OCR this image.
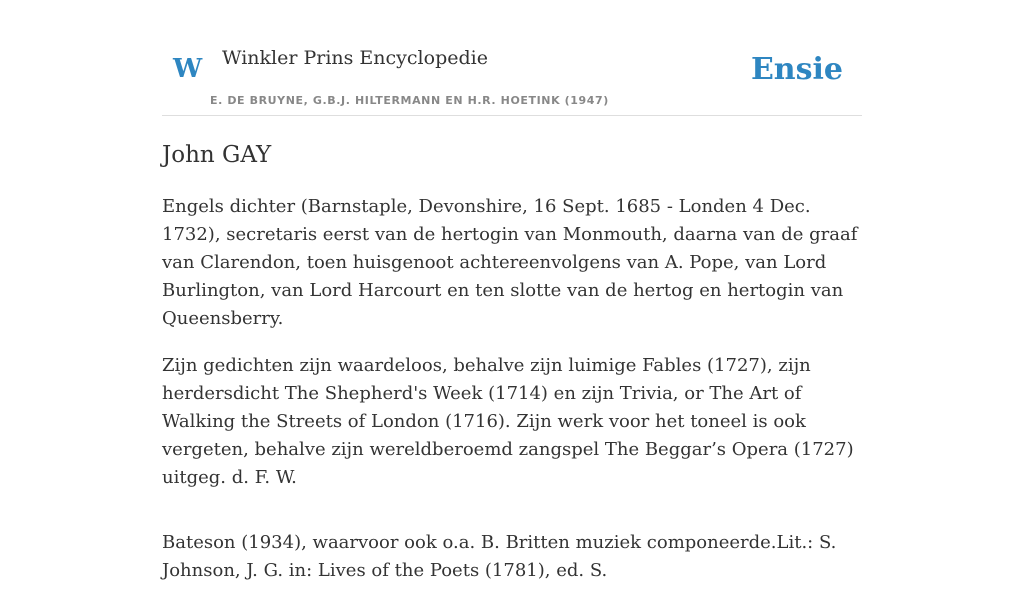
W Winkler Prins Encyclopedie
E. DE BRUYNE, G.B.J. HILTERMANN EN H.R. HOETINK (1947)
Ensie
John GAY

Engels dichter (Barnstaple, Devonshire, 16 Sept. 1685 - Londen 4 Dec. 1732), secretaris eerst van de hertogin van Monmouth, daarna van de graaf van Clarendon, toen huisgenoot achtereenvolgens van A. Pope, van Lord Burlington, van Lord Harcourt en ten slotte van de hertog en hertogin van Queensberry.

Zijn gedichten zijn waardeloos, behalve zijn luimige Fables (1727), zijn herdersdicht The Shepherd's Week (1714) en zijn Trivia, or The Art of Walking the Streets of London (1716). Zijn werk voor het toneel is ook vergeten, behalve zijn wereldberoemd zangspel The Beggar’s Opera (1727) uitgeg. d. F. W.

Bateson (1934), waarvoor ook o.a. B. Britten muziek componeerde.Lit.: S. Johnson, J. G. in: Lives of the Poets (1781), ed. S.
